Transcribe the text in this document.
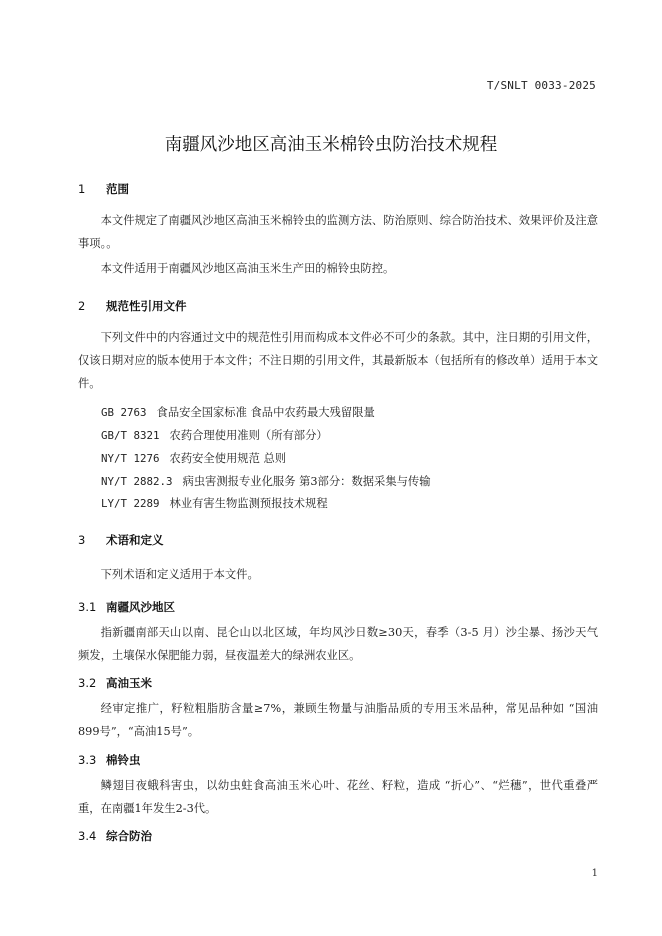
T/SNLT 0033-2025
南疆风沙地区高油玉米棉铃虫防治技术规程
1 范围
本文件规定了南疆风沙地区高油玉米棉铃虫的监测方法、防治原则、综合防治技术、效果评价及注意事项。。
本文件适用于南疆风沙地区高油玉米生产田的棉铃虫防控。
2 规范性引用文件
下列文件中的内容通过文中的规范性引用而构成本文件必不可少的条款。其中，注日期的引用文件，仅该日期对应的版本使用于本文件；不注日期的引用文件，其最新版本（包括所有的修改单）适用于本文件。
GB 2763 食品安全国家标准 食品中农药最大残留限量
GB/T 8321 农药合理使用准则（所有部分）
NY/T 1276 农药安全使用规范 总则
NY/T 2882.3 病虫害测报专业化服务 第3部分：数据采集与传输
LY/T 2289 林业有害生物监测预报技术规程
3 术语和定义
下列术语和定义适用于本文件。
3.1 南疆风沙地区
指新疆南部天山以南、昆仑山以北区域，年均风沙日数≥30天，春季（3-5 月）沙尘暴、扬沙天气频发，土壤保水保肥能力弱，昼夜温差大的绿洲农业区。
3.2 高油玉米
经审定推广，籽粒粗脂肪含量≥7%，兼顾生物量与油脂品质的专用玉米品种，常见品种如 “国油899号”，“高油15号”。
3.3 棉铃虫
鳞翅目夜蛾科害虫，以幼虫蛀食高油玉米心叶、花丝、籽粒，造成 “折心”、“烂穗”，世代重叠严重，在南疆1年发生2-3代。
3.4 综合防治
1
